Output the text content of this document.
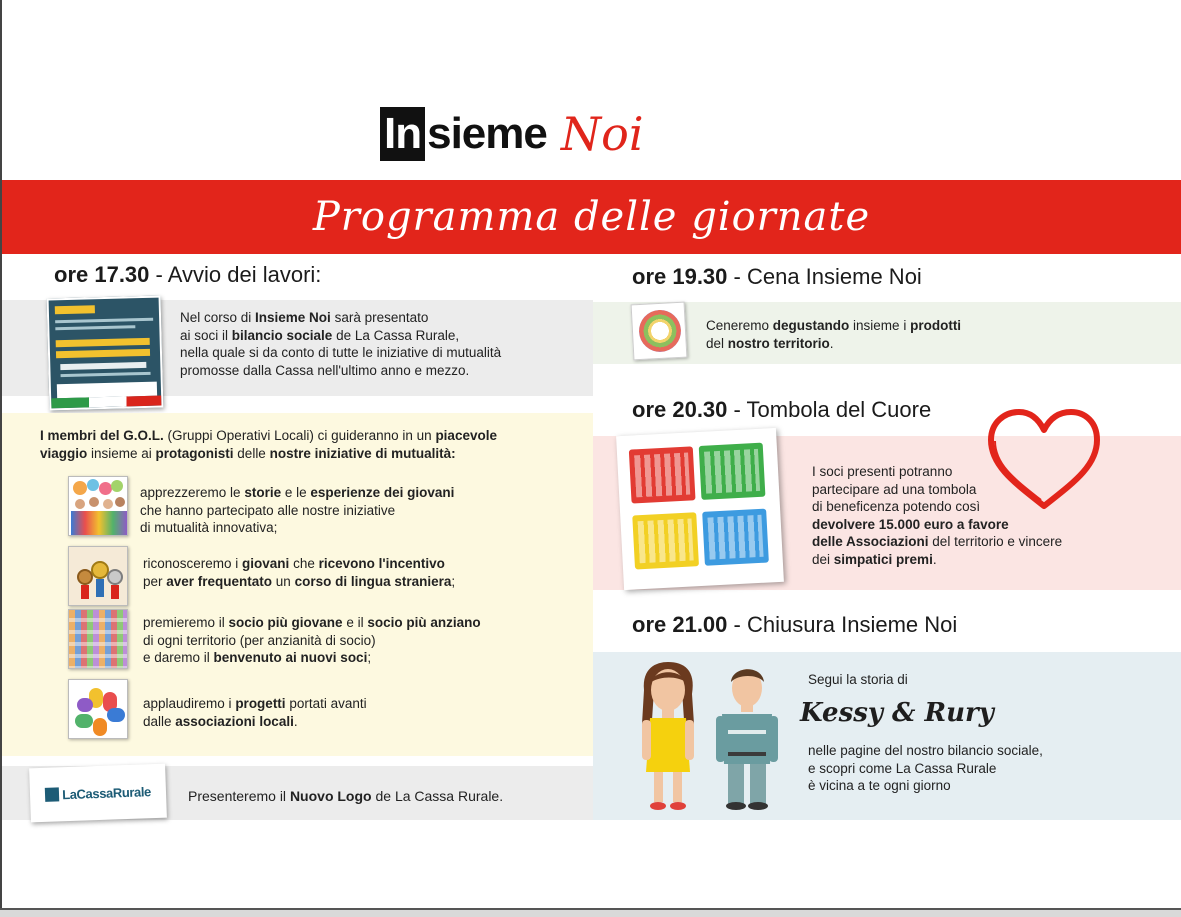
In sieme Noi
Programma delle giornate
ore 17.30 - Avvio dei lavori:
Nel corso di Insieme Noi sarà presentato
ai soci il bilancio sociale de La Cassa Rurale,
nella quale si da conto di tutte le iniziative di mutualità
promosse dalla Cassa nell'ultimo anno e mezzo.
I membri del G.O.L. (Gruppi Operativi Locali) ci guideranno in un piacevole
viaggio insieme ai protagonisti delle nostre iniziative di mutualità:
apprezzeremo le storie e le esperienze dei giovani
che hanno partecipato alle nostre iniziative
di mutualità innovativa;
riconosceremo i giovani che ricevono l'incentivo
per aver frequentato un corso di lingua straniera;
premieremo il socio più giovane e il socio più anziano
di ogni territorio (per anzianità di socio)
e daremo il benvenuto ai nuovi soci;
applaudiremo i progetti portati avanti
dalle associazioni locali.
LaCassaRurale	Presenteremo il Nuovo Logo de La Cassa Rurale.
ore 19.30 - Cena Insieme Noi
Ceneremo degustando insieme i prodotti
del nostro territorio.
ore 20.30 - Tombola del Cuore
I soci presenti potranno
partecipare ad una tombola
di beneficenza potendo così
devolvere 15.000 euro a favore
delle Associazioni del territorio e vincere
dei simpatici premi.
ore 21.00 - Chiusura Insieme Noi
Segui la storia di
Kessy & Rury
nelle pagine del nostro bilancio sociale,
e scopri come La Cassa Rurale
è vicina a te ogni giorno
